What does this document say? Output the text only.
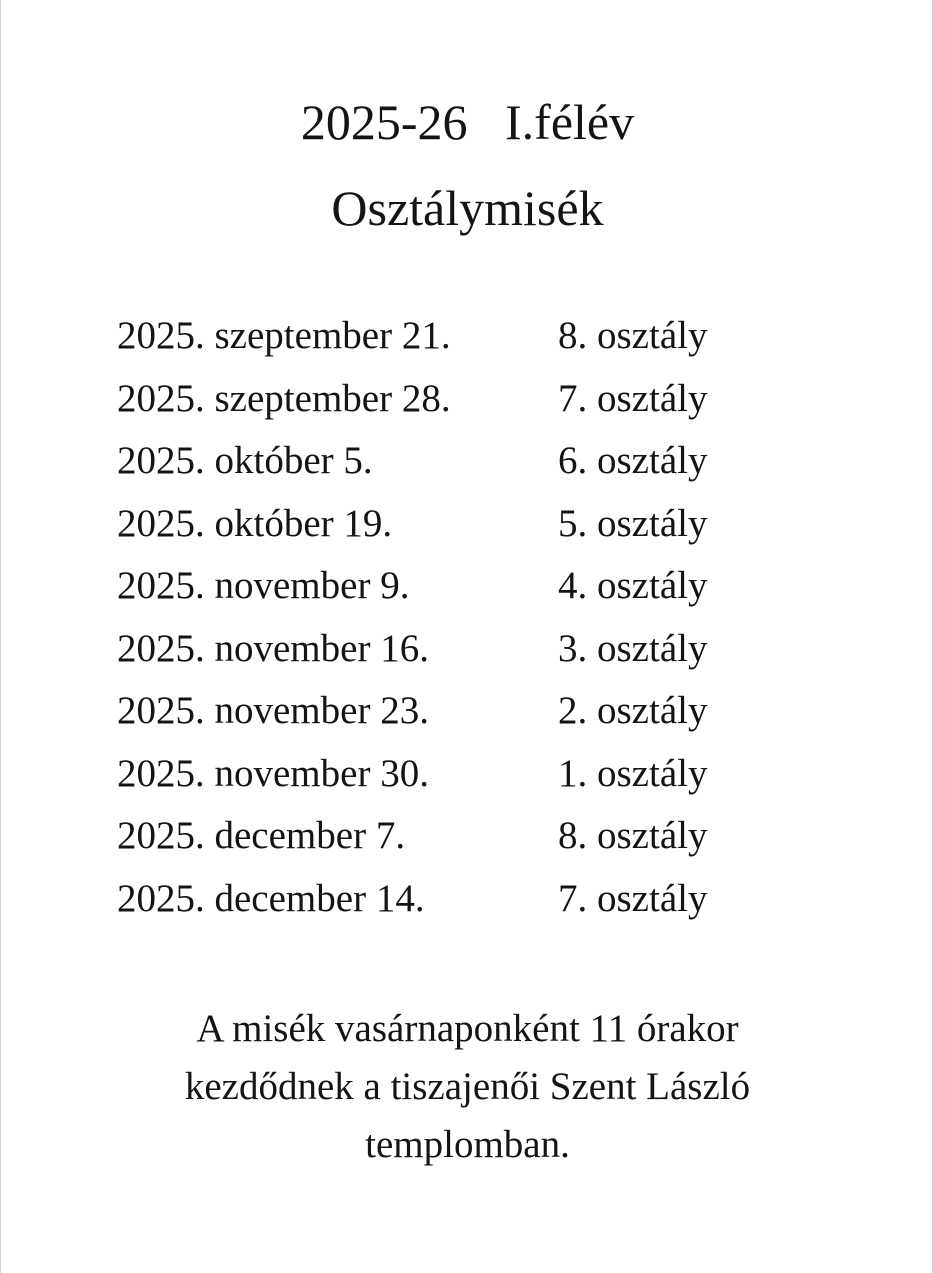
2025-26   I.félév
Osztálymisék
2025. szeptember 21.	8. osztály
2025. szeptember 28.	7. osztály
2025. október 5.	6. osztály
2025. október 19.	5. osztály
2025. november 9.	4. osztály
2025. november 16.	3. osztály
2025. november 23.	2. osztály
2025. november 30.	1. osztály
2025. december 7.	8. osztály
2025. december 14.	7. osztály
A misék vasárnaponként 11 órakor
kezdődnek a tiszajenői Szent László
templomban.
